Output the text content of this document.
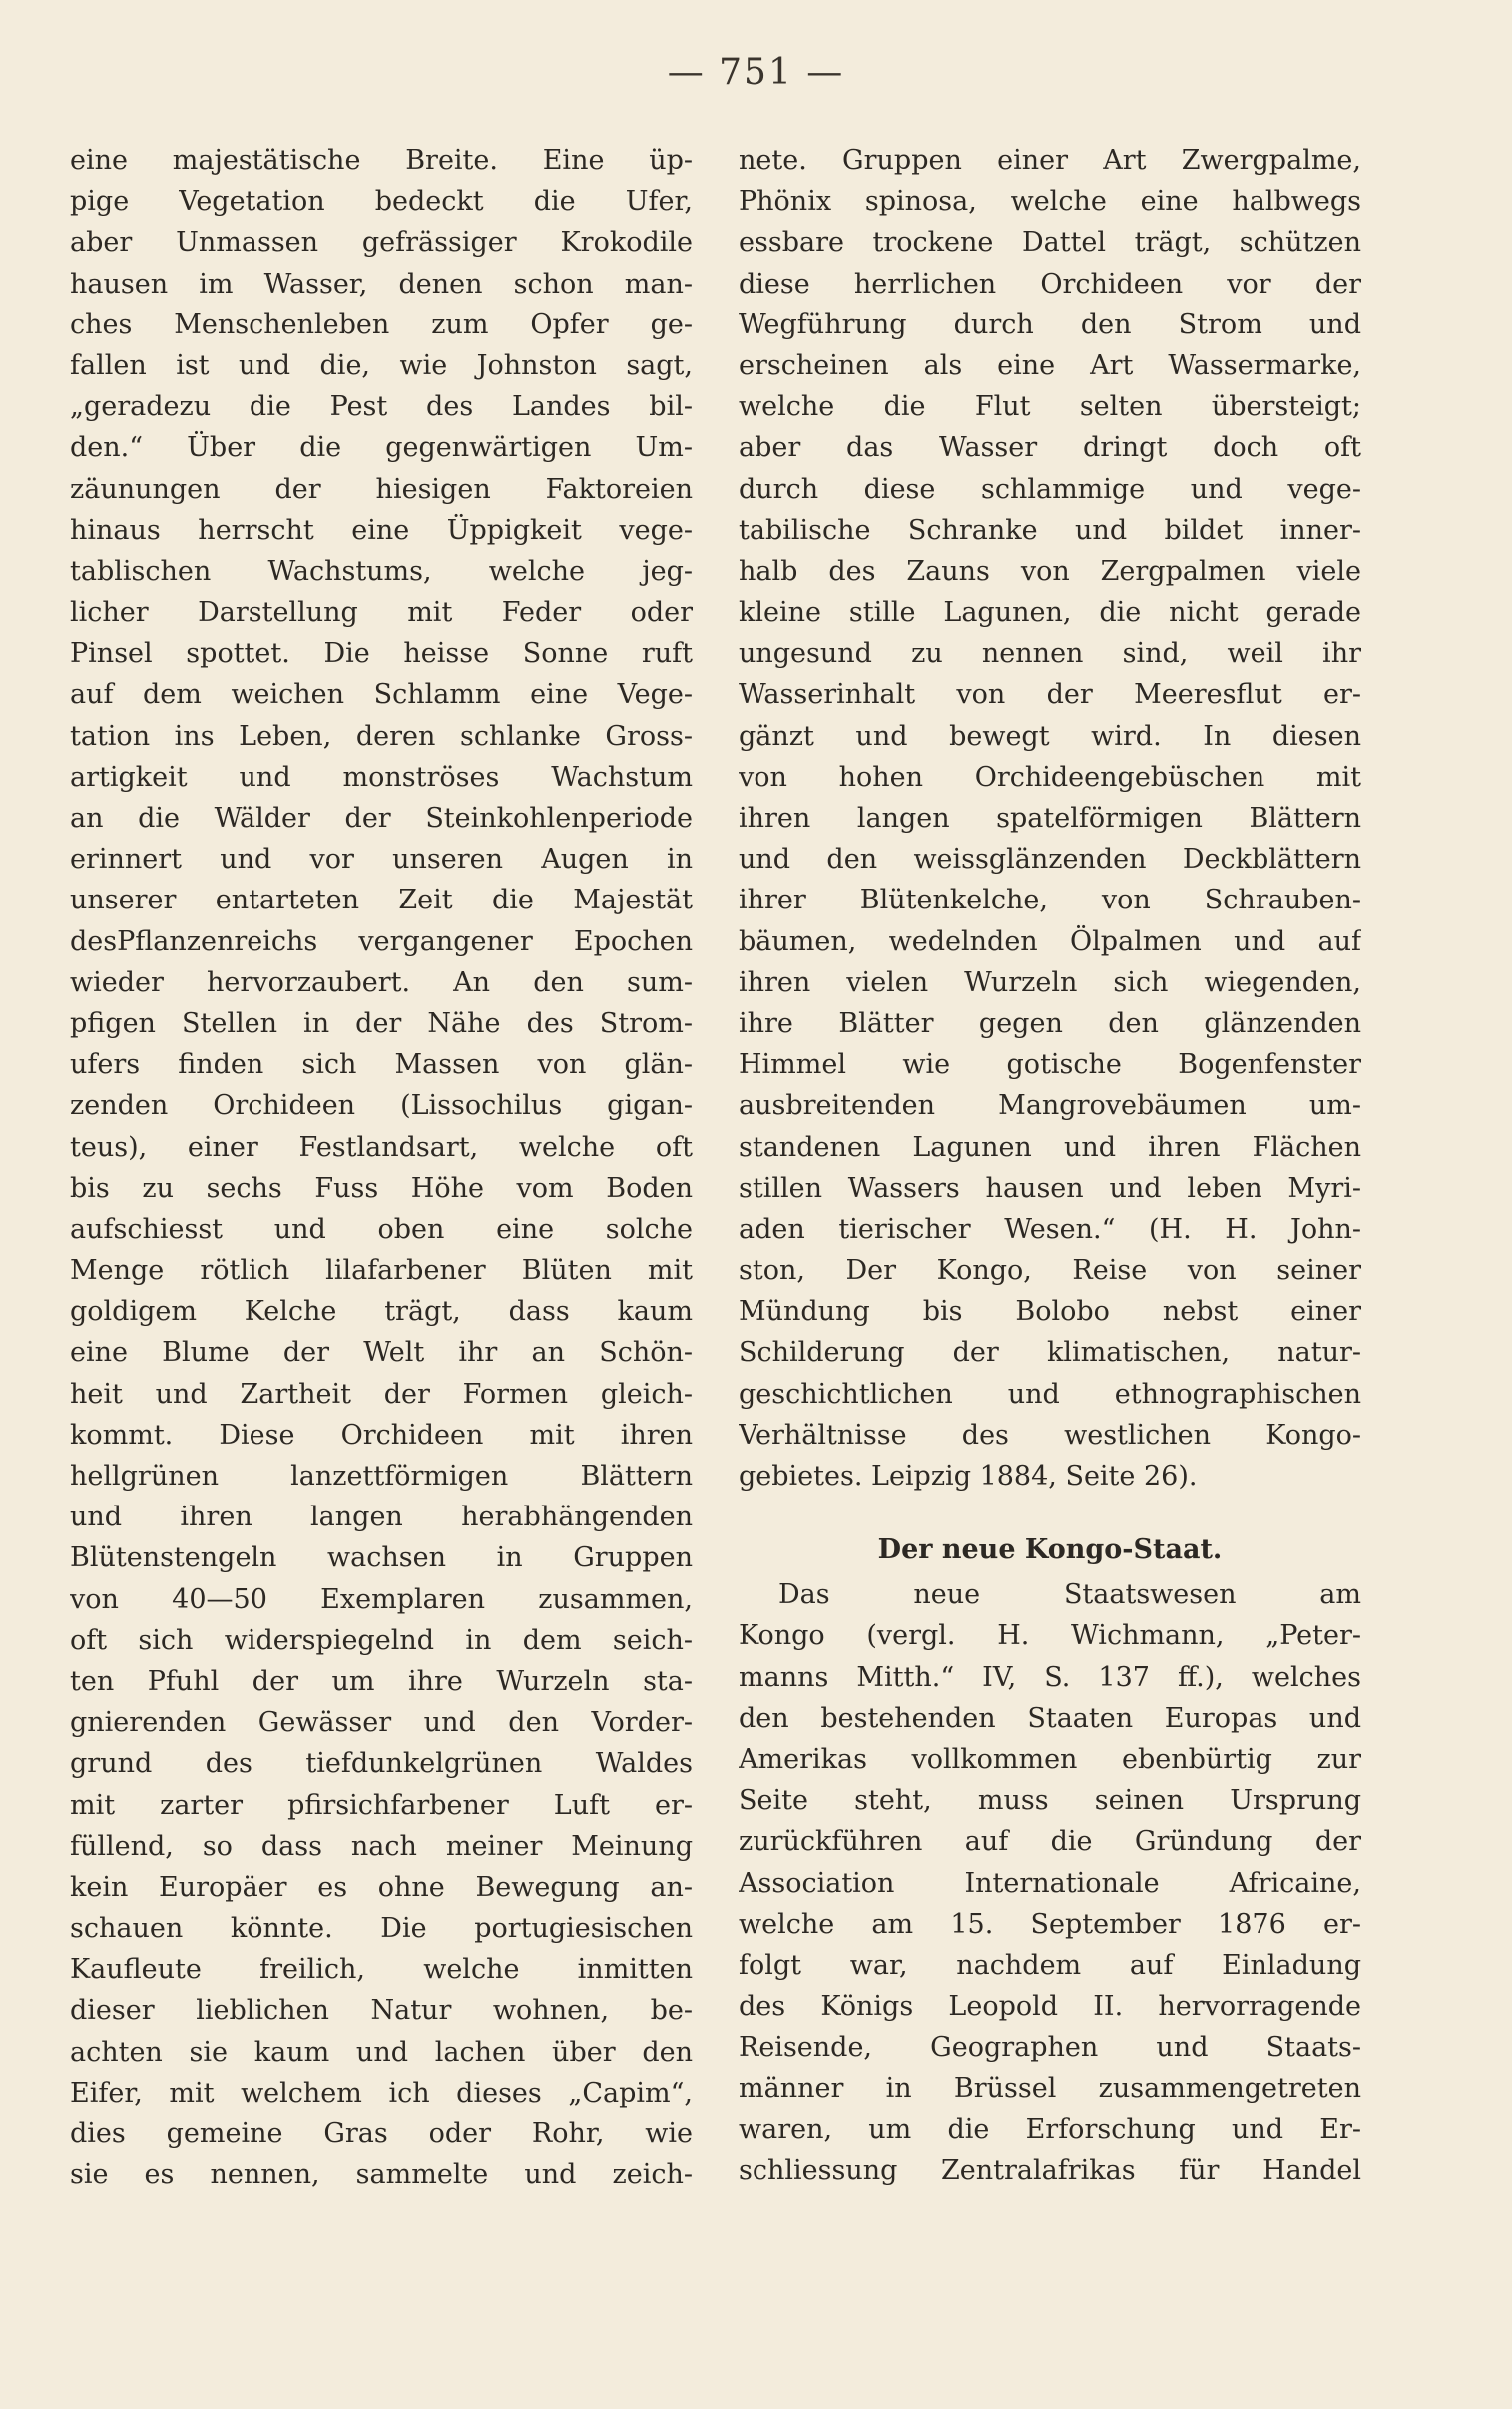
— 751 —
eine majestätische Breite. Eine üp-
pige Vegetation bedeckt die Ufer,
aber Unmassen gefrässiger Krokodile
hausen im Wasser, denen schon man-
ches Menschenleben zum Opfer ge-
fallen ist und die, wie Johnston sagt,
„geradezu die Pest des Landes bil-
den.“ Über die gegenwärtigen Um-
zäunungen der hiesigen Faktoreien
hinaus herrscht eine Üppigkeit vege-
tablischen Wachstums, welche jeg-
licher Darstellung mit Feder oder
Pinsel spottet. Die heisse Sonne ruft
auf dem weichen Schlamm eine Vege-
tation ins Leben, deren schlanke Gross-
artigkeit und monströses Wachstum
an die Wälder der Steinkohlenperiode
erinnert und vor unseren Augen in
unserer entarteten Zeit die Majestät
desPflanzenreichs vergangener Epochen
wieder hervorzaubert. An den sum-
pfigen Stellen in der Nähe des Strom-
ufers finden sich Massen von glän-
zenden Orchideen (Lissochilus gigan-
teus), einer Festlandsart, welche oft
bis zu sechs Fuss Höhe vom Boden
aufschiesst und oben eine solche
Menge rötlich lilafarbener Blüten mit
goldigem Kelche trägt, dass kaum
eine Blume der Welt ihr an Schön-
heit und Zartheit der Formen gleich-
kommt. Diese Orchideen mit ihren
hellgrünen lanzettförmigen Blättern
und ihren langen herabhängenden
Blütenstengeln wachsen in Gruppen
von 40—50 Exemplaren zusammen,
oft sich widerspiegelnd in dem seich-
ten Pfuhl der um ihre Wurzeln sta-
gnierenden Gewässer und den Vorder-
grund des tiefdunkelgrünen Waldes
mit zarter pfirsichfarbener Luft er-
füllend, so dass nach meiner Meinung
kein Europäer es ohne Bewegung an-
schauen könnte. Die portugiesischen
Kaufleute freilich, welche inmitten
dieser lieblichen Natur wohnen, be-
achten sie kaum und lachen über den
Eifer, mit welchem ich dieses „Capim“,
dies gemeine Gras oder Rohr, wie
sie es nennen, sammelte und zeich-
nete. Gruppen einer Art Zwergpalme,
Phönix spinosa, welche eine halbwegs
essbare trockene Dattel trägt, schützen
diese herrlichen Orchideen vor der
Wegführung durch den Strom und
erscheinen als eine Art Wassermarke,
welche die Flut selten übersteigt;
aber das Wasser dringt doch oft
durch diese schlammige und vege-
tabilische Schranke und bildet inner-
halb des Zauns von Zergpalmen viele
kleine stille Lagunen, die nicht gerade
ungesund zu nennen sind, weil ihr
Wasserinhalt von der Meeresflut er-
gänzt und bewegt wird. In diesen
von hohen Orchideengebüschen mit
ihren langen spatelförmigen Blättern
und den weissglänzenden Deckblättern
ihrer Blütenkelche, von Schrauben-
bäumen, wedelnden Ölpalmen und auf
ihren vielen Wurzeln sich wiegenden,
ihre Blätter gegen den glänzenden
Himmel wie gotische Bogenfenster
ausbreitenden Mangrovebäumen um-
standenen Lagunen und ihren Flächen
stillen Wassers hausen und leben Myri-
aden tierischer Wesen.“ (H. H. John-
ston, Der Kongo, Reise von seiner
Mündung bis Bolobo nebst einer
Schilderung der klimatischen, natur-
geschichtlichen und ethnographischen
Verhältnisse des westlichen Kongo-
gebietes. Leipzig 1884, Seite 26).
Der neue Kongo-Staat.
Das neue Staatswesen am
Kongo (vergl. H. Wichmann, „Peter-
manns Mitth.“ IV, S. 137 ff.), welches
den bestehenden Staaten Europas und
Amerikas vollkommen ebenbürtig zur
Seite steht, muss seinen Ursprung
zurückführen auf die Gründung der
Association Internationale Africaine,
welche am 15. September 1876 er-
folgt war, nachdem auf Einladung
des Königs Leopold II. hervorragende
Reisende, Geographen und Staats-
männer in Brüssel zusammengetreten
waren, um die Erforschung und Er-
schliessung Zentralafrikas für Handel
